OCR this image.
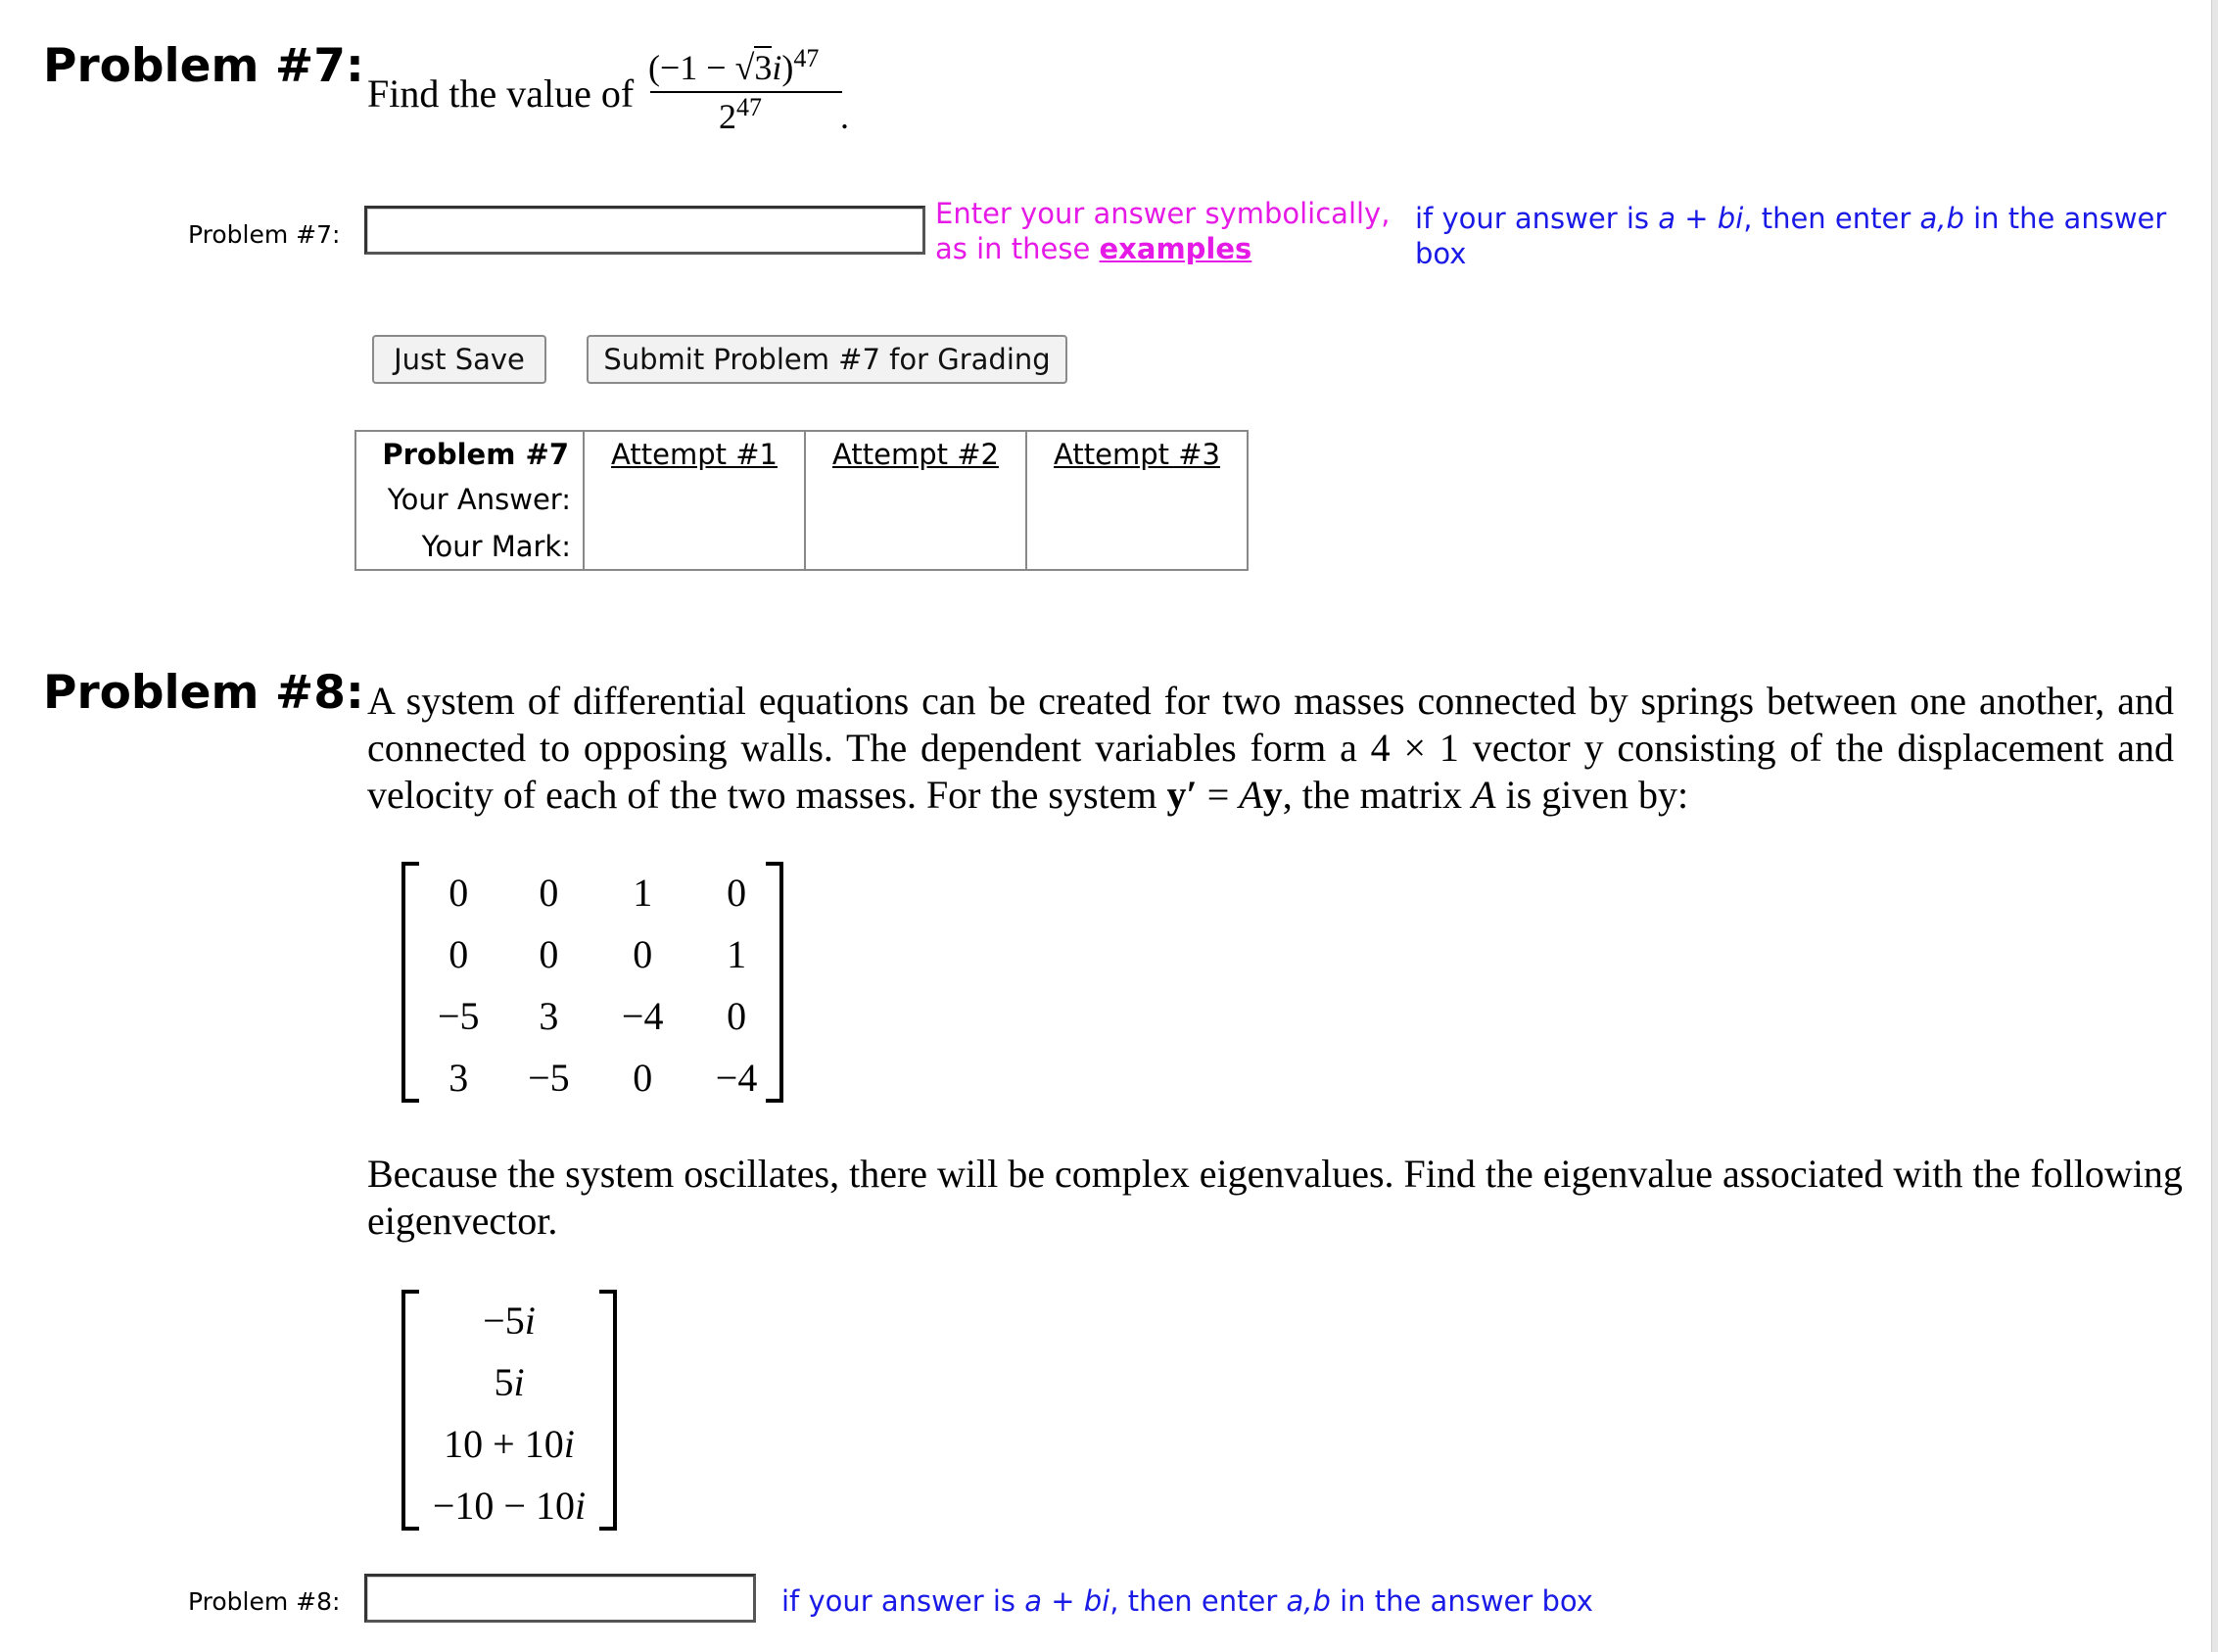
Problem #7:
Find the value of
$(-1 - √3i)^{47}$
$2^{47}$ .
Problem #7:
Enter your answer symbolically,
as in these examples
if your answer is a + bi, then enter a,b in the answer
box
Just Save	Submit Problem #7 for Grading
Problem #7	Attempt #1	Attempt #2	Attempt #3
Your Answer:			
Your Mark:			
Problem #8: A system of differential equations can be created for two masses connected by springs between one another, and
connected to opposing walls. The dependent variables form a 4 × 1 vector y consisting of the displacement and
velocity of each of the two masses. For the system y′ = Ay, the matrix A is given by:
0	0	1	0
0	0	0	1
−5	3	−4	0
3	−5	0	−4
Because the system oscillates, there will be complex eigenvalues. Find the eigenvalue associated with the following
eigenvector.
−5i
5i
10 + 10i
−10 − 10i
Problem #8:	if your answer is a + bi, then enter a,b in the answer box
